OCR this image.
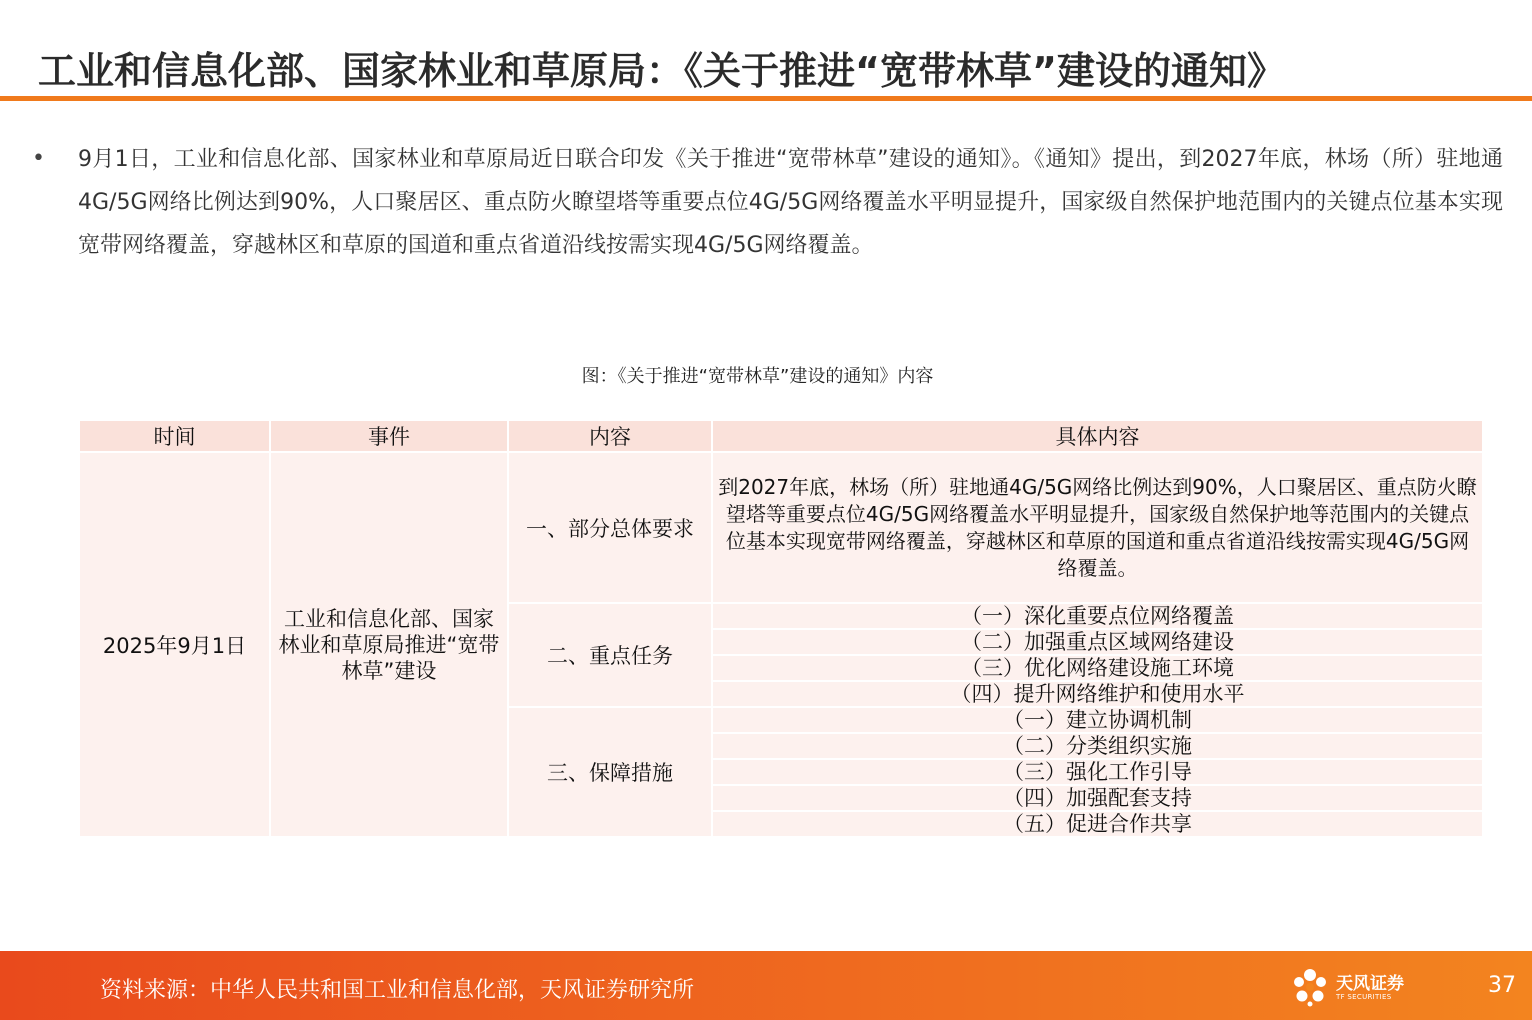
工业和信息化部、国家林业和草原局：《关于推进“宽带林草”建设的通知》
• 9月1日，工业和信息化部、国家林业和草原局近日联合印发《关于推进“宽带林草”建设的通知》。《通知》提出，到2027年底，林场（所）驻地通4G/5G网络比例达到90%，人口聚居区、重点防火瞭望塔等重要点位4G/5G网络覆盖水平明显提升，国家级自然保护地范围内的关键点位基本实现宽带网络覆盖，穿越林区和草原的国道和重点省道沿线按需实现4G/5G网络覆盖。
图：《关于推进“宽带林草”建设的通知》内容
时间	事件	内容	具体内容
2025年9月1日	工业和信息化部、国家林业和草原局推进“宽带林草”建设	一、部分总体要求	到2027年底，林场（所）驻地通4G/5G网络比例达到90%，人口聚居区、重点防火瞭望塔等重要点位4G/5G网络覆盖水平明显提升，国家级自然保护地等范围内的关键点位基本实现宽带网络覆盖，穿越林区和草原的国道和重点省道沿线按需实现4G/5G网络覆盖。
		二、重点任务	（一）深化重要点位网络覆盖
			（二）加强重点区域网络建设
			（三）优化网络建设施工环境
			（四）提升网络维护和使用水平
		三、保障措施	（一）建立协调机制
			（二）分类组织实施
			（三）强化工作引导
			（四）加强配套支持
			（五）促进合作共享
资料来源：中华人民共和国工业和信息化部，天风证券研究所	天风证券
TF SECURITIES	37
